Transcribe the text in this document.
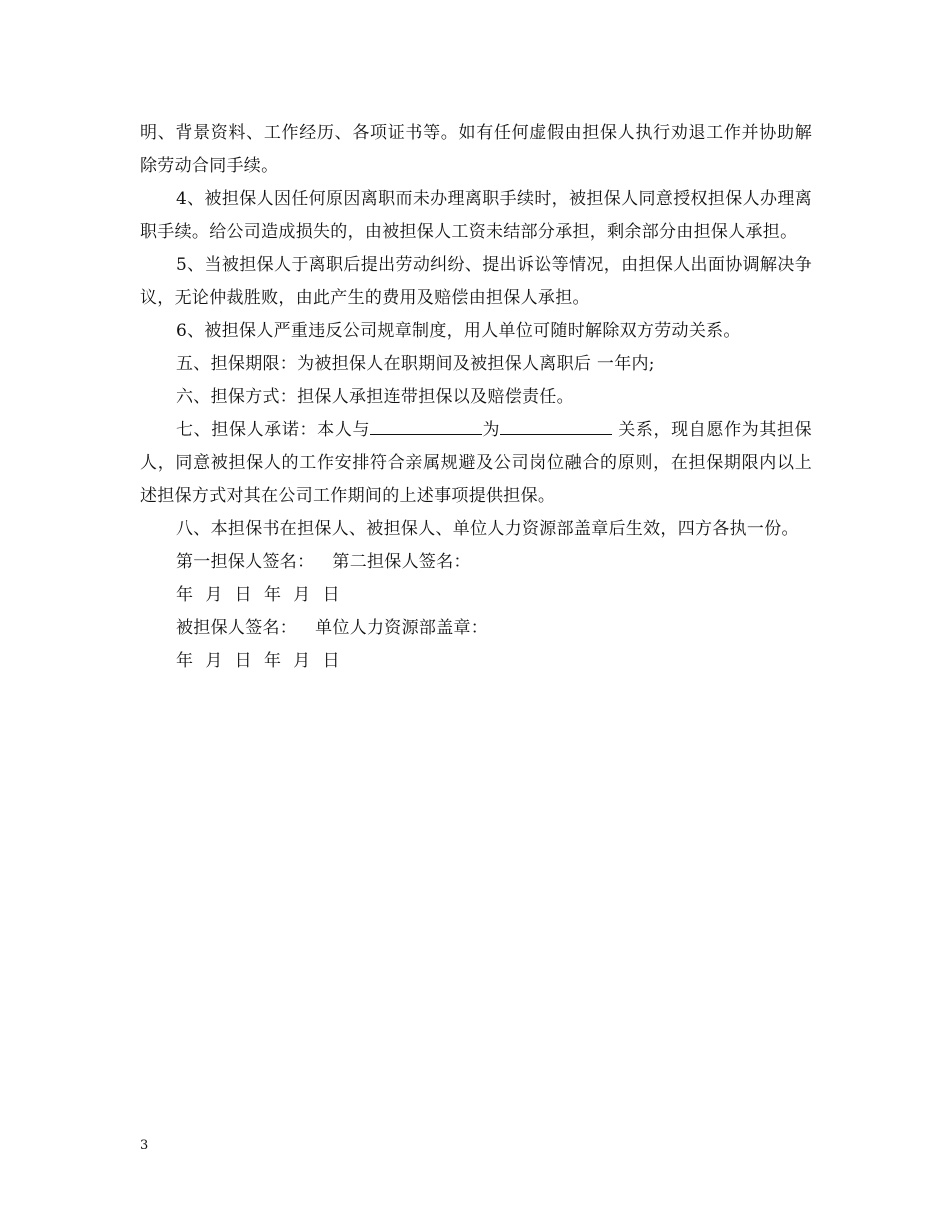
明、背景资料、工作经历、各项证书等。如有任何虚假由担保人执行劝退工作并协助解除劳动合同手续。

4、被担保人因任何原因离职而未办理离职手续时，被担保人同意授权担保人办理离职手续。给公司造成损失的，由被担保人工资未结部分承担，剩余部分由担保人承担。

5、当被担保人于离职后提出劳动纠纷、提出诉讼等情况，由担保人出面协调解决争议，无论仲裁胜败，由此产生的费用及赔偿由担保人承担。

6、被担保人严重违反公司规章制度，用人单位可随时解除双方劳动关系。

五、担保期限：为被担保人在职期间及被担保人离职后 一年内;

六、担保方式：担保人承担连带担保以及赔偿责任。

七、担保人承诺：本人与	为	关系，现自愿作为其担保人，同意被担保人的工作安排符合亲属规避及公司岗位融合的原则，在担保期限内以上述担保方式对其在公司工作期间的上述事项提供担保。

八、本担保书在担保人、被担保人、单位人力资源部盖章后生效，四方各执一份。

第一担保人签名： 第二担保人签名：

年 月 日 年 月 日

被担保人签名： 单位人力资源部盖章：

年 月 日 年 月 日

3
